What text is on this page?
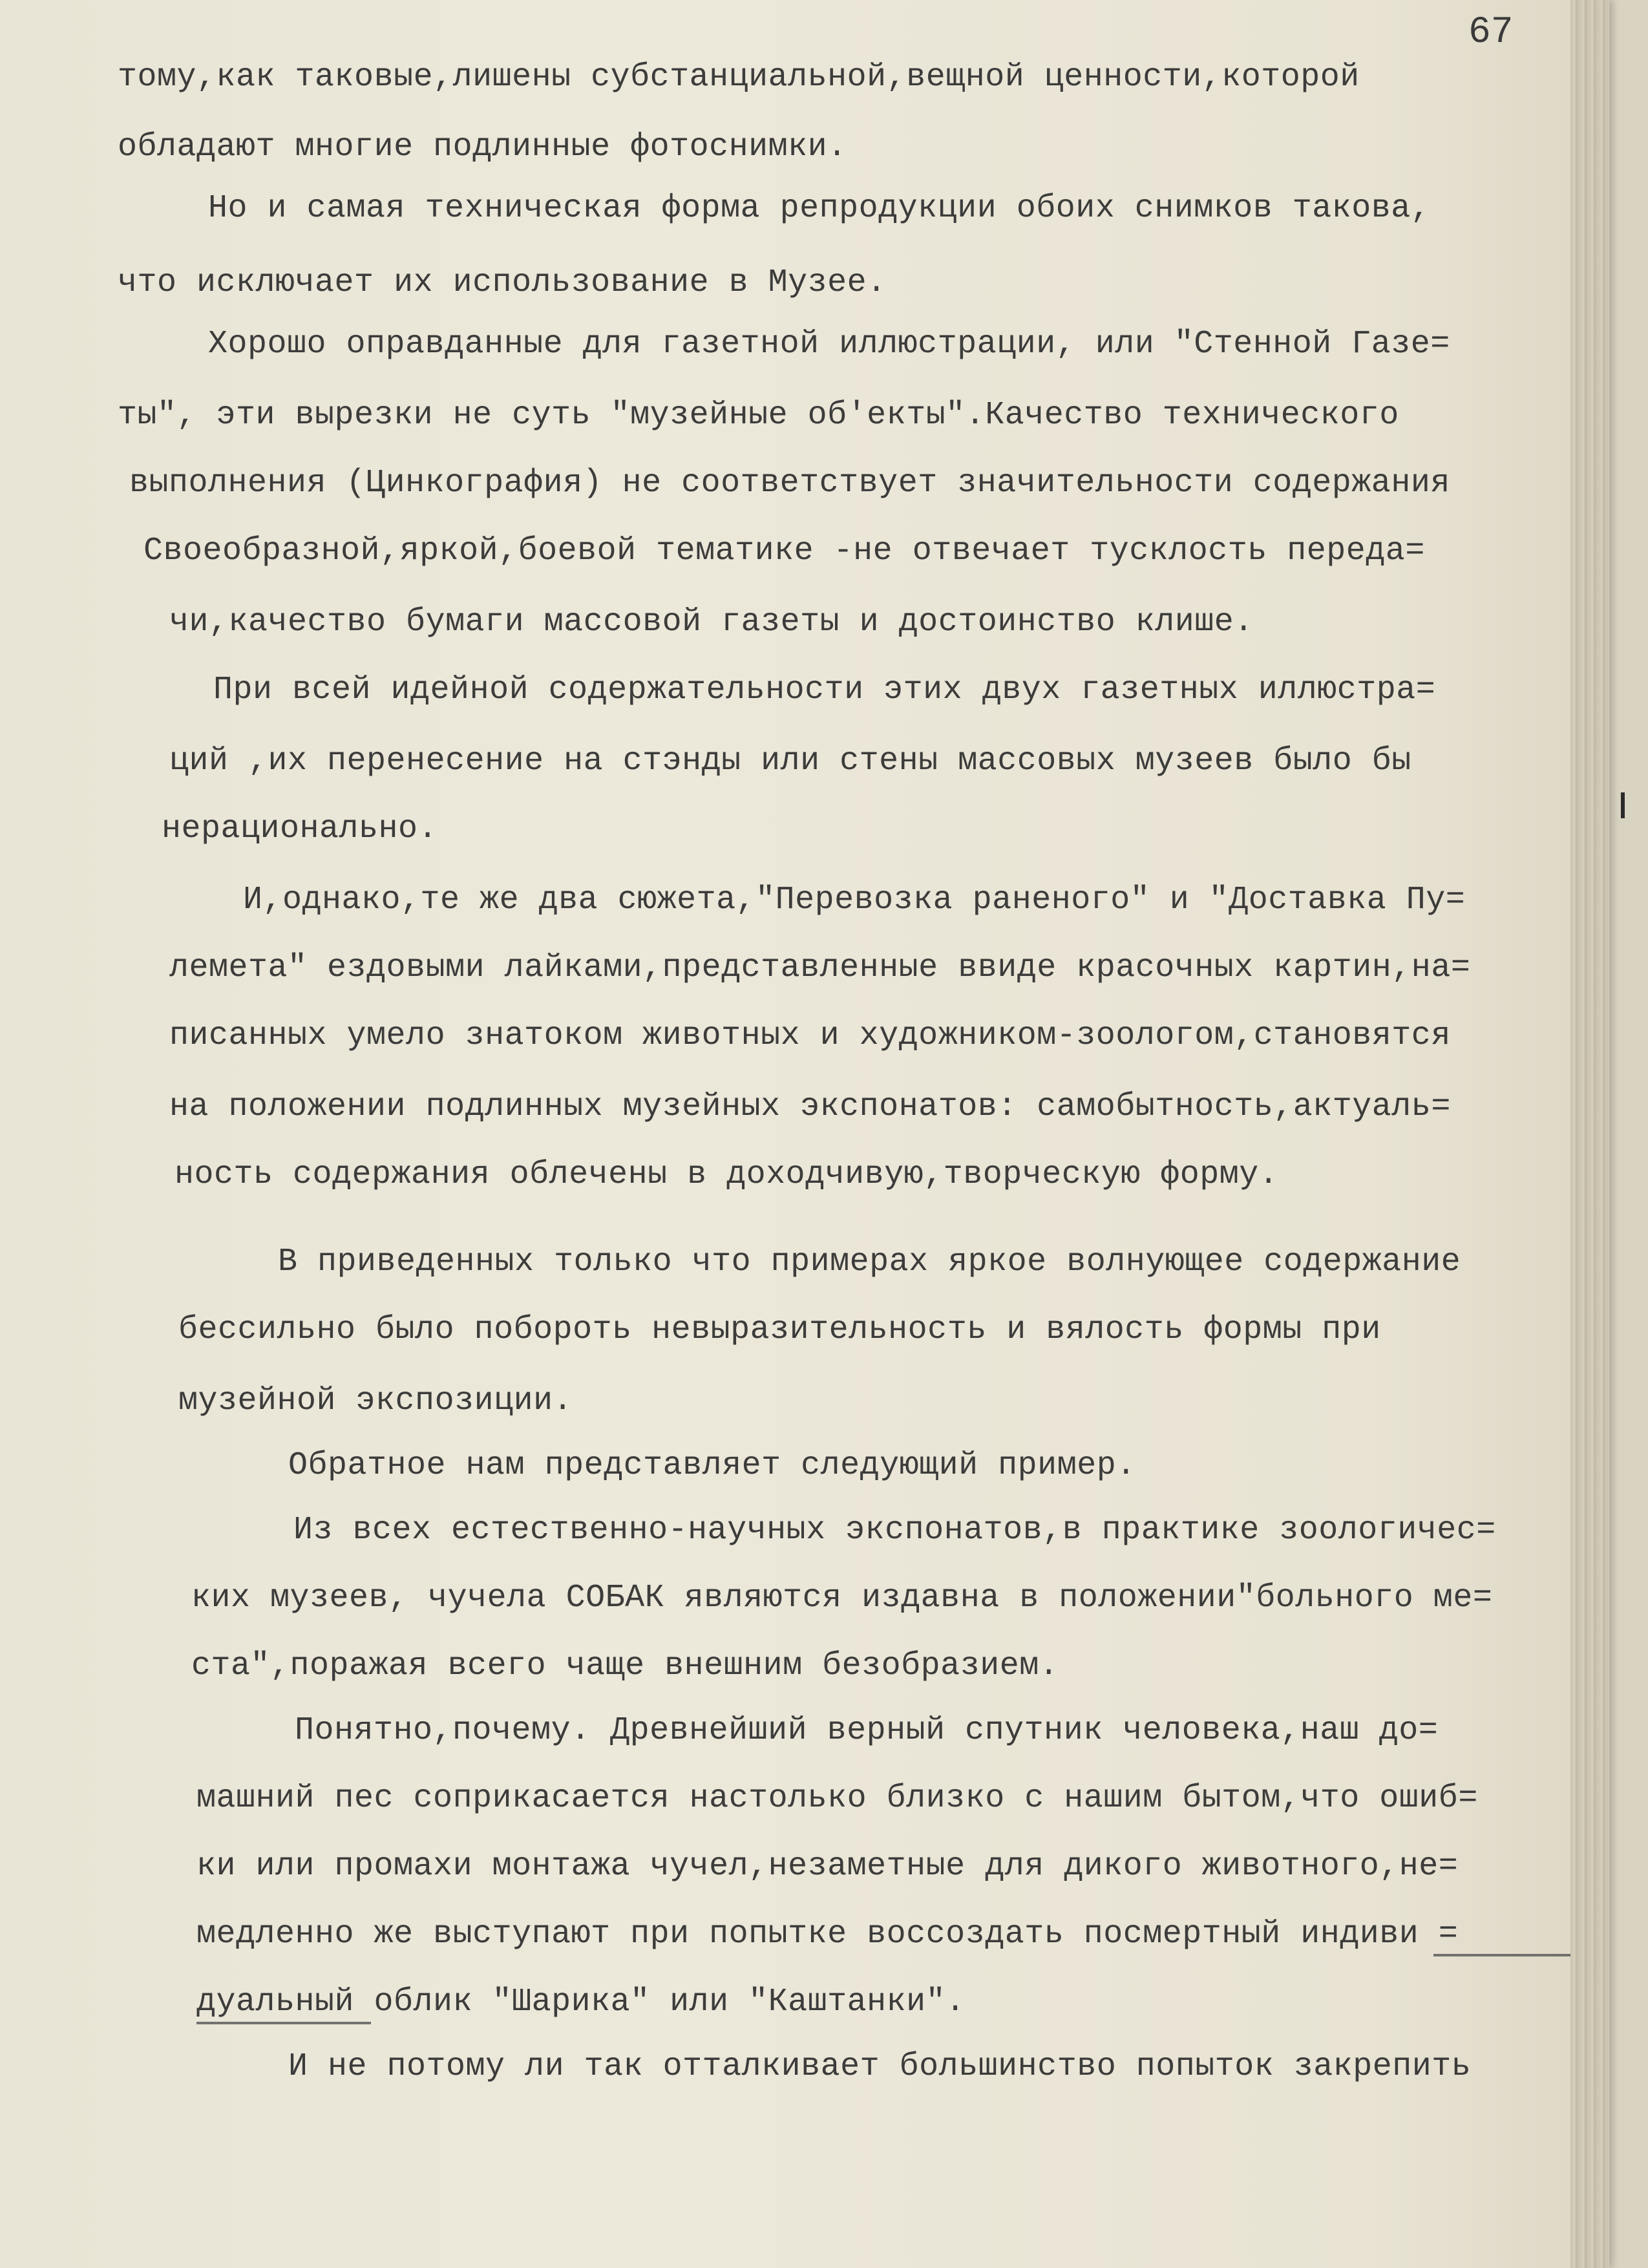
67

тому,как таковые,лишены субстанциальной,вещной ценности,которой

обладают многие подлинные фотоснимки.

Но и самая техническая форма репродукции обоих снимков такова,

что исключает их использование в Музее.

Хорошо оправданные для газетной иллюстрации, или "Стенной Газе=

ты", эти вырезки не суть "музейные об'екты".Качество технического

выполнения (Цинкография) не соответствует значительности содержания

Своеобразной,яркой,боевой тематике -не отвечает тусклость переда=

чи,качество бумаги массовой газеты и достоинство клише.

При всей идейной содержательности этих двух газетных иллюстра=

ций ,их перенесение на стэнды или стены массовых музеев было бы

нерационально.

И,однако,те же два сюжета,"Перевозка раненого" и "Доставка Пу=

лемета" ездовыми лайками,представленные ввиде красочных картин,на=

писанных умело знатоком животных и художником-зоологом,становятся

на положении подлинных музейных экспонатов: самобытность,актуаль=

ность содержания облечены в доходчивую,творческую форму.

В приведенных только что примерах яркое волнующее содержание

бессильно было побороть невыразительность и вялость формы при

музейной экспозиции.

Обратное нам представляет следующий пример.

Из всех естественно-научных экспонатов,в практике зоологичес=

ких музеев, чучела СОБАК являются издавна в положении"больного ме=

ста",поражая всего чаще внешним безобразием.

Понятно,почему. Древнейший верный спутник человека,наш до=

машний пес соприкасается настолько близко с нашим бытом,что ошиб=

ки или промахи монтажа чучел,незаметные для дикого животного,не=

медленно же выступают при попытке воссоздать посмертный индиви =

дуальный облик "Шарика" или "Каштанки".

И не потому ли так отталкивает большинство попыток закрепить
